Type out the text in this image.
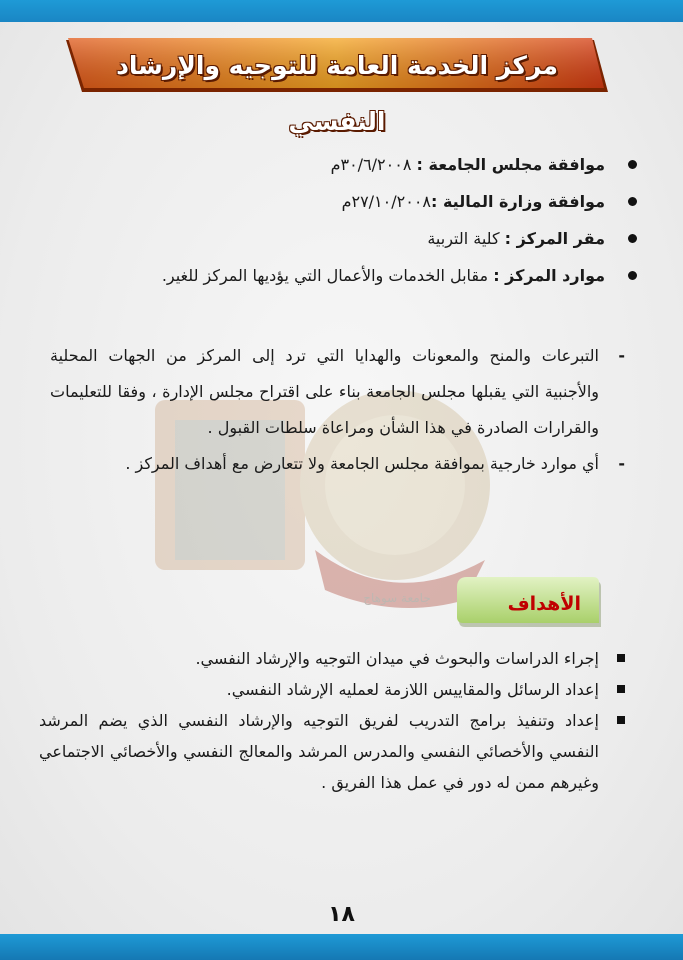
جامعة سوهاج
مركز الخدمة العامة للتوجيه والإرشاد النفسي
موافقة مجلس الجامعة : ٣٠/٦/٢٠٠٨م
موافقة وزارة المالية :٢٧/١٠/٢٠٠٨م
مقر المركز : كلية التربية
موارد المركز : مقابل الخدمات والأعمال التي يؤديها المركز للغير.
-
التبرعات والمنح والمعونات والهدايا التي ترد إلى المركز من الجهات المحلية والأجنبية التي يقبلها مجلس الجامعة بناء على اقتراح مجلس الإدارة ، وفقا للتعليمات والقرارات الصادرة في هذا الشأن ومراعاة سلطات القبول .
-
أي موارد خارجية بموافقة مجلس الجامعة ولا تتعارض مع أهداف المركز .
الأهداف
إجراء الدراسات والبحوث في ميدان التوجيه والإرشاد النفسي.
إعداد الرسائل والمقاييس اللازمة لعمليه الإرشاد النفسي.
إعداد وتنفيذ برامج التدريب لفريق التوجيه والإرشاد النفسي الذي يضم المرشد النفسي والأخصائي النفسي والمدرس المرشد والمعالج النفسي والأخصائي الاجتماعي وغيرهم ممن له دور في عمل هذا الفريق .
١٨
